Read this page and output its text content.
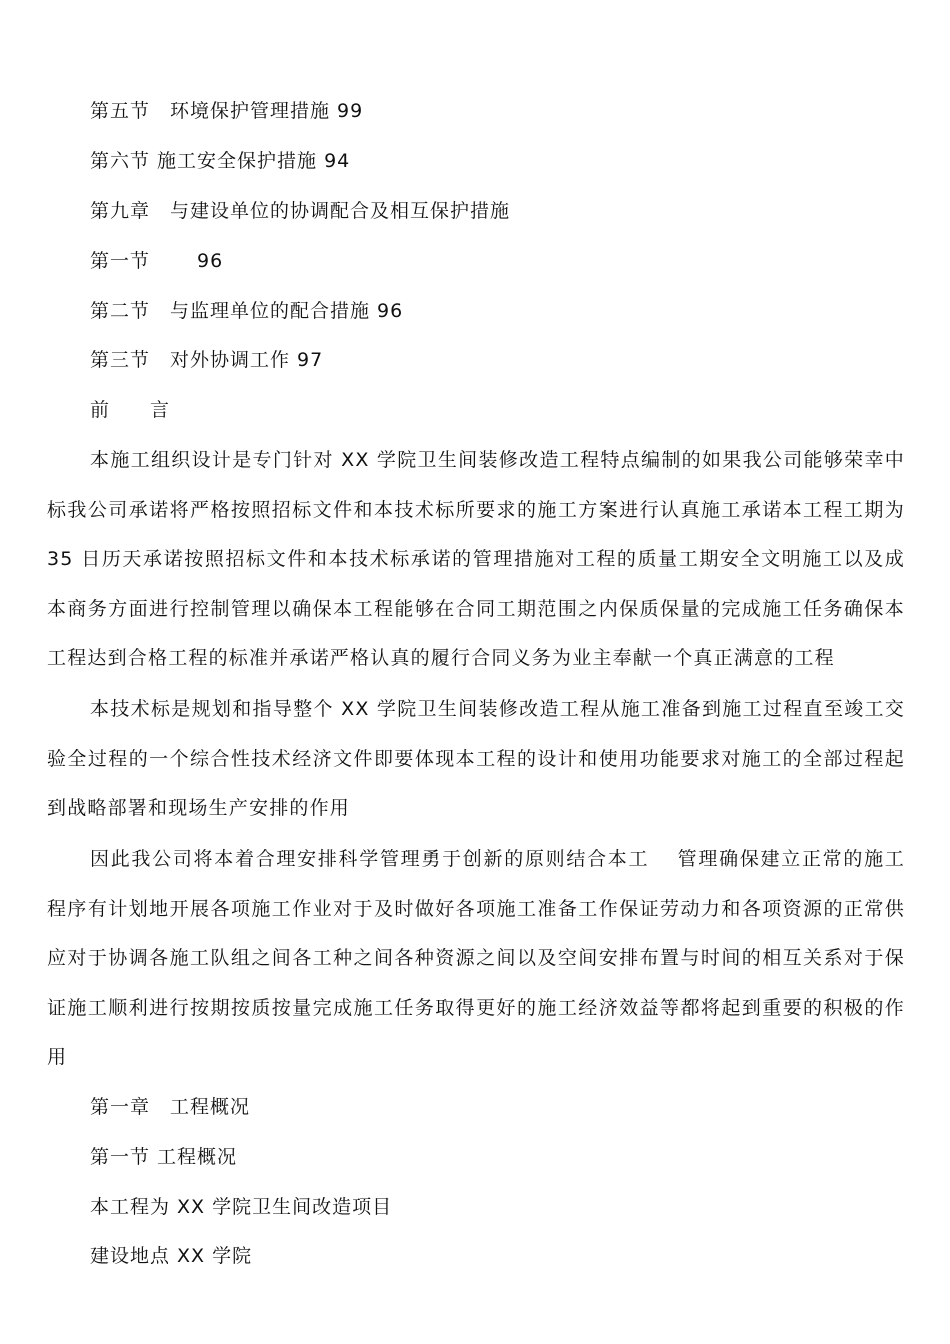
第五节　环境保护管理措施 99
第六节 施工安全保护措施 94
第九章　与建设单位的协调配合及相互保护措施
第一节　　 96
第二节　与监理单位的配合措施 96
第三节　对外协调工作 97
前　　言
本施工组织设计是专门针对 XX 学院卫生间装修改造工程特点编制的如果我公司能够荣幸中标我公司承诺将严格按照招标文件和本技术标所要求的施工方案进行认真施工承诺本工程工期为 35 日历天承诺按照招标文件和本技术标承诺的管理措施对工程的质量工期安全文明施工以及成本商务方面进行控制管理以确保本工程能够在合同工期范围之内保质保量的完成施工任务确保本工程达到合格工程的标准并承诺严格认真的履行合同义务为业主奉献一个真正满意的工程
本技术标是规划和指导整个 XX 学院卫生间装修改造工程从施工准备到施工过程直至竣工交验全过程的一个综合性技术经济文件即要体现本工程的设计和使用功能要求对施工的全部过程起到战略部署和现场生产安排的作用
因此我公司将本着合理安排科学管理勇于创新的原则结合本工　 管理确保建立正常的施工程序有计划地开展各项施工作业对于及时做好各项施工准备工作保证劳动力和各项资源的正常供应对于协调各施工队组之间各工种之间各种资源之间以及空间安排布置与时间的相互关系对于保证施工顺利进行按期按质按量完成施工任务取得更好的施工经济效益等都将起到重要的积极的作用
第一章　工程概况
第一节 工程概况
本工程为 XX 学院卫生间改造项目
建设地点 XX 学院
